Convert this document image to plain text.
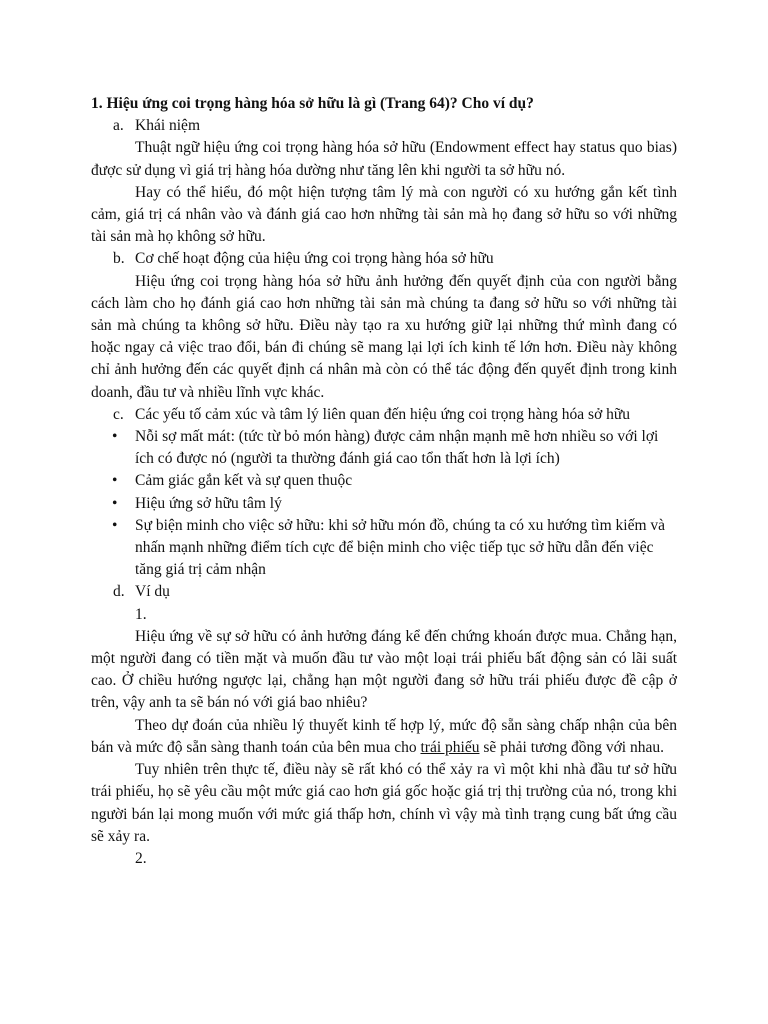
1. Hiệu ứng coi trọng hàng hóa sở hữu là gì (Trang 64)? Cho ví dụ?

a. Khái niệm

Thuật ngữ hiệu ứng coi trọng hàng hóa sở hữu (Endowment effect hay status quo bias) được sử dụng vì giá trị hàng hóa dường như tăng lên khi người ta sở hữu nó.

Hay có thể hiểu, đó một hiện tượng tâm lý mà con người có xu hướng gắn kết tình cảm, giá trị cá nhân vào và đánh giá cao hơn những tài sản mà họ đang sở hữu so với những tài sản mà họ không sở hữu.

b. Cơ chế hoạt động của hiệu ứng coi trọng hàng hóa sở hữu

Hiệu ứng coi trọng hàng hóa sở hữu ảnh hưởng đến quyết định của con người bằng cách làm cho họ đánh giá cao hơn những tài sản mà chúng ta đang sở hữu so với những tài sản mà chúng ta không sở hữu. Điều này tạo ra xu hướng giữ lại những thứ mình đang có hoặc ngay cả việc trao đổi, bán đi chúng sẽ mang lại lợi ích kinh tế lớn hơn. Điều này không chỉ ảnh hưởng đến các quyết định cá nhân mà còn có thể tác động đến quyết định trong kinh doanh, đầu tư và nhiều lĩnh vực khác.

c. Các yếu tố cảm xúc và tâm lý liên quan đến hiệu ứng coi trọng hàng hóa sở hữu

• Nỗi sợ mất mát: (tức từ bỏ món hàng) được cảm nhận mạnh mẽ hơn nhiều so với lợi ích có được nó (người ta thường đánh giá cao tổn thất hơn là lợi ích)

• Cảm giác gắn kết và sự quen thuộc

• Hiệu ứng sở hữu tâm lý

• Sự biện minh cho việc sở hữu: khi sở hữu món đồ, chúng ta có xu hướng tìm kiếm và nhấn mạnh những điểm tích cực để biện minh cho việc tiếp tục sở hữu dẫn đến việc tăng giá trị cảm nhận

d. Ví dụ

1.

Hiệu ứng về sự sở hữu có ảnh hưởng đáng kể đến chứng khoán được mua. Chẳng hạn, một người đang có tiền mặt và muốn đầu tư vào một loại trái phiếu bất động sản có lãi suất cao. Ở chiều hướng ngược lại, chẳng hạn một người đang sở hữu trái phiếu được đề cập ở trên, vậy anh ta sẽ bán nó với giá bao nhiêu?

Theo dự đoán của nhiều lý thuyết kinh tế hợp lý, mức độ sẵn sàng chấp nhận của bên bán và mức độ sẵn sàng thanh toán của bên mua cho trái phiếu sẽ phải tương đồng với nhau.

Tuy nhiên trên thực tế, điều này sẽ rất khó có thể xảy ra vì một khi nhà đầu tư sở hữu trái phiếu, họ sẽ yêu cầu một mức giá cao hơn giá gốc hoặc giá trị thị trường của nó, trong khi người bán lại mong muốn với mức giá thấp hơn, chính vì vậy mà tình trạng cung bất ứng cầu sẽ xảy ra.

2.
